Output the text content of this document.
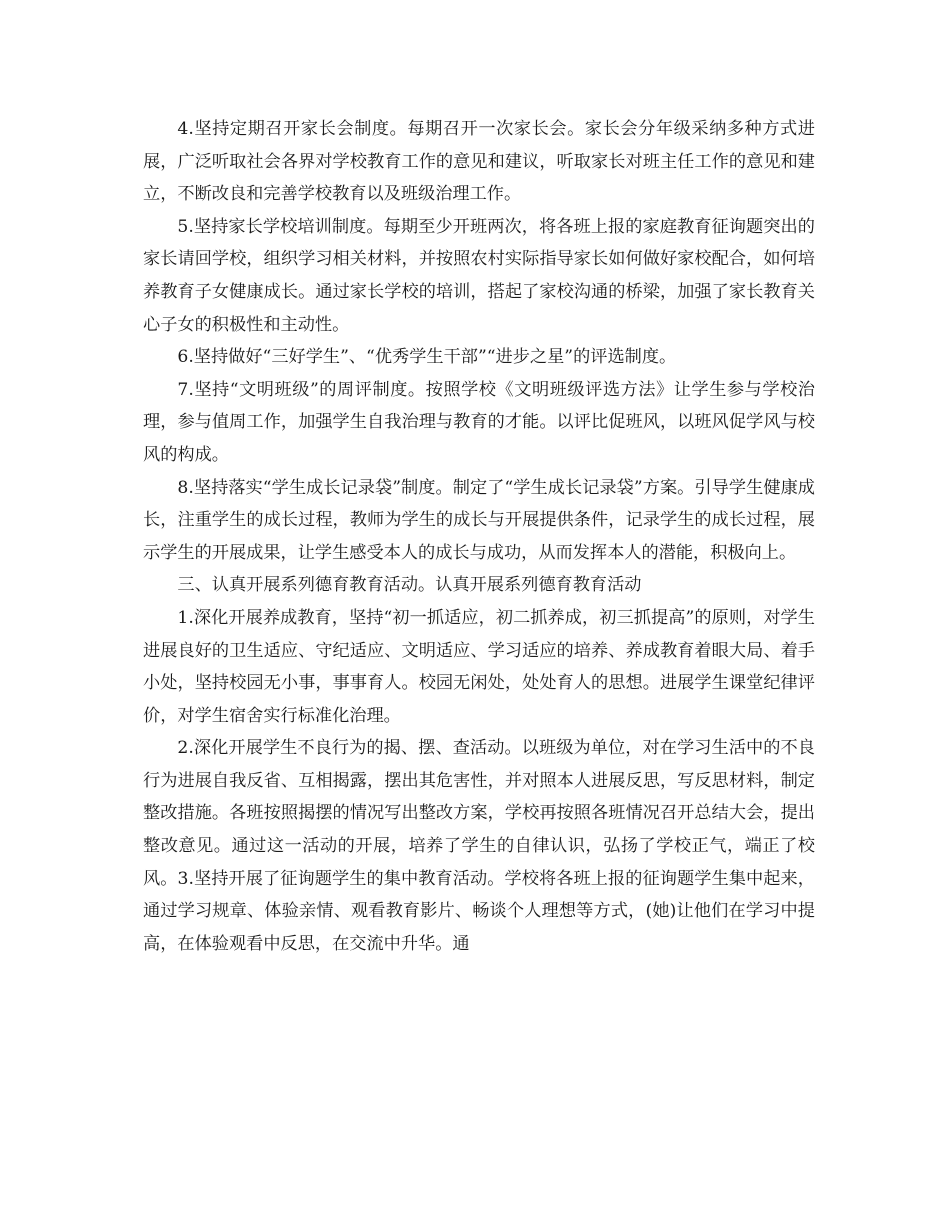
4.坚持定期召开家长会制度。每期召开一次家长会。家长会分年级采纳多种方式进展，广泛听取社会各界对学校教育工作的意见和建议，听取家长对班主任工作的意见和建立，不断改良和完善学校教育以及班级治理工作。

5.坚持家长学校培训制度。每期至少开班两次，将各班上报的家庭教育征询题突出的家长请回学校，组织学习相关材料，并按照农村实际指导家长如何做好家校配合，如何培养教育子女健康成长。通过家长学校的培训，搭起了家校沟通的桥梁，加强了家长教育关心子女的积极性和主动性。

6.坚持做好“三好学生”、“优秀学生干部”“进步之星”的评选制度。

7.坚持“文明班级”的周评制度。按照学校《文明班级评选方法》让学生参与学校治理，参与值周工作，加强学生自我治理与教育的才能。以评比促班风，以班风促学风与校风的构成。

8.坚持落实“学生成长记录袋”制度。制定了“学生成长记录袋”方案。引导学生健康成长，注重学生的成长过程，教师为学生的成长与开展提供条件，记录学生的成长过程，展示学生的开展成果，让学生感受本人的成长与成功，从而发挥本人的潜能，积极向上。

三、认真开展系列德育教育活动。认真开展系列德育教育活动

1.深化开展养成教育，坚持“初一抓适应，初二抓养成，初三抓提高”的原则，对学生进展良好的卫生适应、守纪适应、文明适应、学习适应的培养、养成教育着眼大局、着手小处，坚持校园无小事，事事育人。校园无闲处，处处育人的思想。进展学生课堂纪律评价，对学生宿舍实行标准化治理。

2.深化开展学生不良行为的揭、摆、查活动。以班级为单位，对在学习生活中的不良行为进展自我反省、互相揭露，摆出其危害性，并对照本人进展反思，写反思材料，制定整改措施。各班按照揭摆的情况写出整改方案，学校再按照各班情况召开总结大会，提出整改意见。通过这一活动的开展，培养了学生的自律认识，弘扬了学校正气，端正了校风。3.坚持开展了征询题学生的集中教育活动。学校将各班上报的征询题学生集中起来，通过学习规章、体验亲情、观看教育影片、畅谈个人理想等方式，(她)让他们在学习中提高，在体验观看中反思，在交流中升华。通
